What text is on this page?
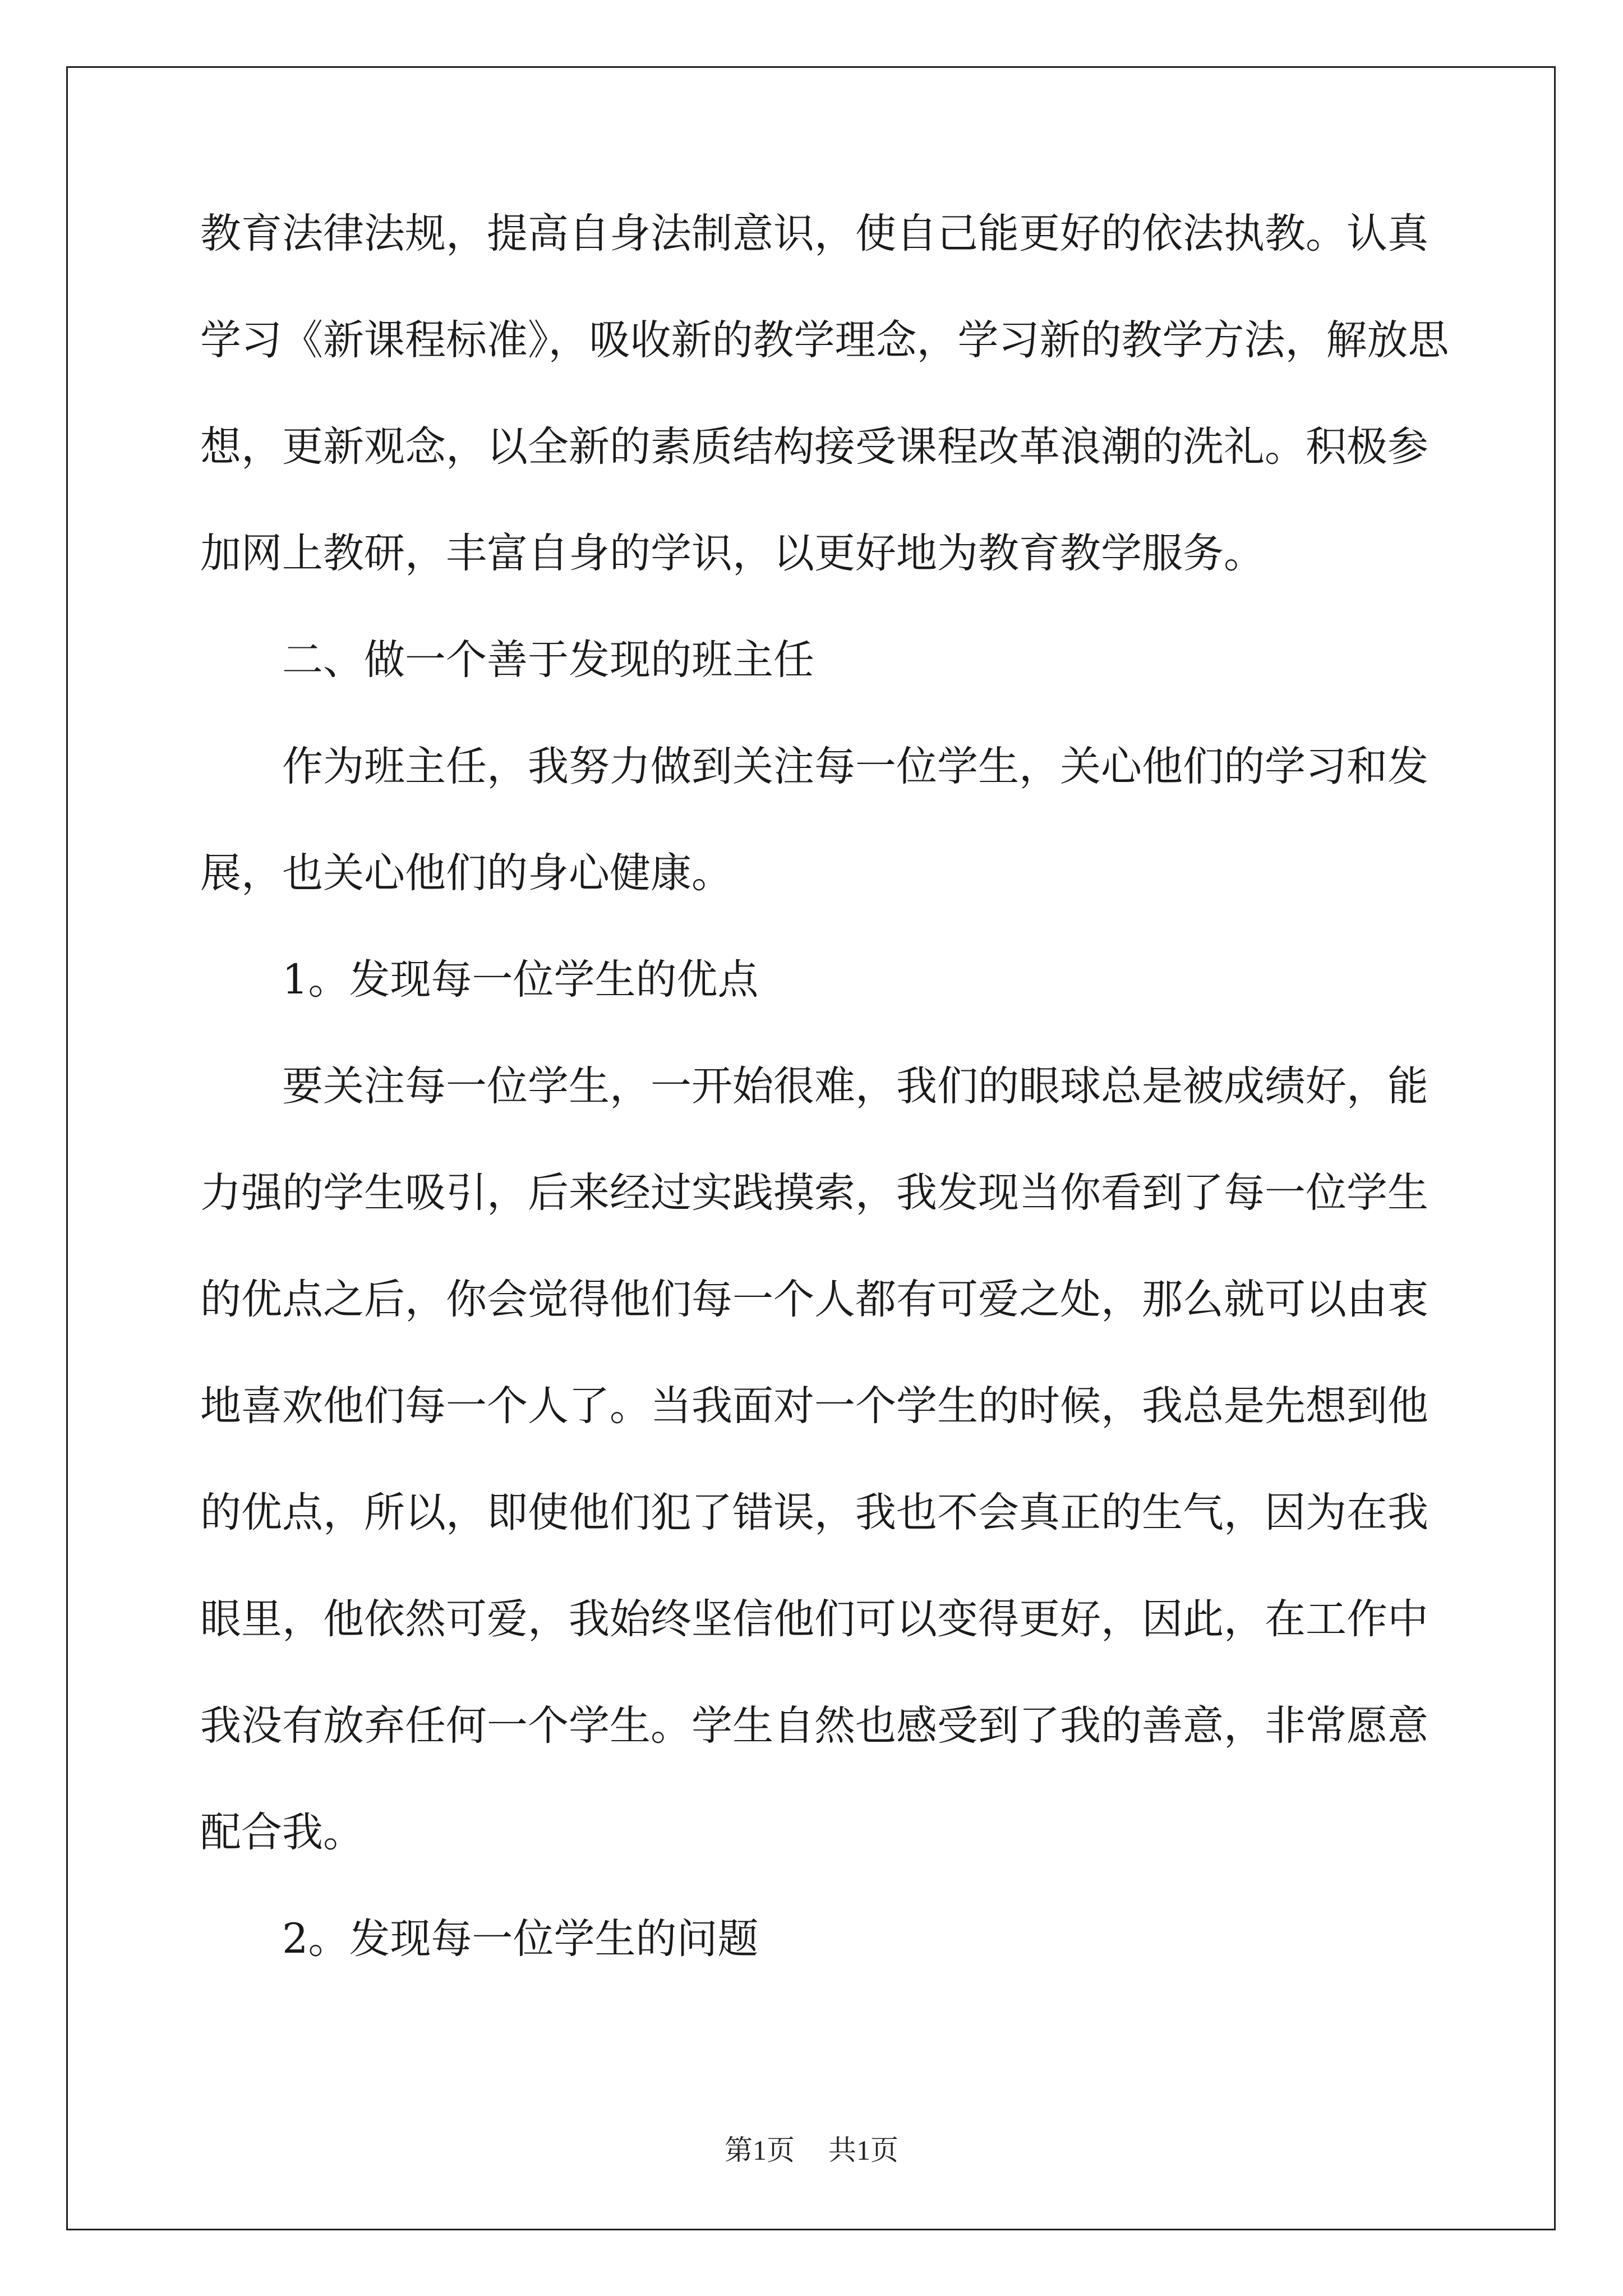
教育法律法规，提高自身法制意识，使自己能更好的依法执教。认真
学习《新课程标准》，吸收新的教学理念，学习新的教学方法，解放思
想，更新观念，以全新的素质结构接受课程改革浪潮的洗礼。积极参
加网上教研，丰富自身的学识，以更好地为教育教学服务。
二、做一个善于发现的班主任
作为班主任，我努力做到关注每一位学生，关心他们的学习和发
展，也关心他们的身心健康。
1。发现每一位学生的优点
要关注每一位学生，一开始很难，我们的眼球总是被成绩好，能
力强的学生吸引，后来经过实践摸索，我发现当你看到了每一位学生
的优点之后，你会觉得他们每一个人都有可爱之处，那么就可以由衷
地喜欢他们每一个人了。当我面对一个学生的时候，我总是先想到他
的优点，所以，即使他们犯了错误，我也不会真正的生气，因为在我
眼里，他依然可爱，我始终坚信他们可以变得更好，因此，在工作中
我没有放弃任何一个学生。学生自然也感受到了我的善意，非常愿意
配合我。
2。发现每一位学生的问题
第1页 共1页
